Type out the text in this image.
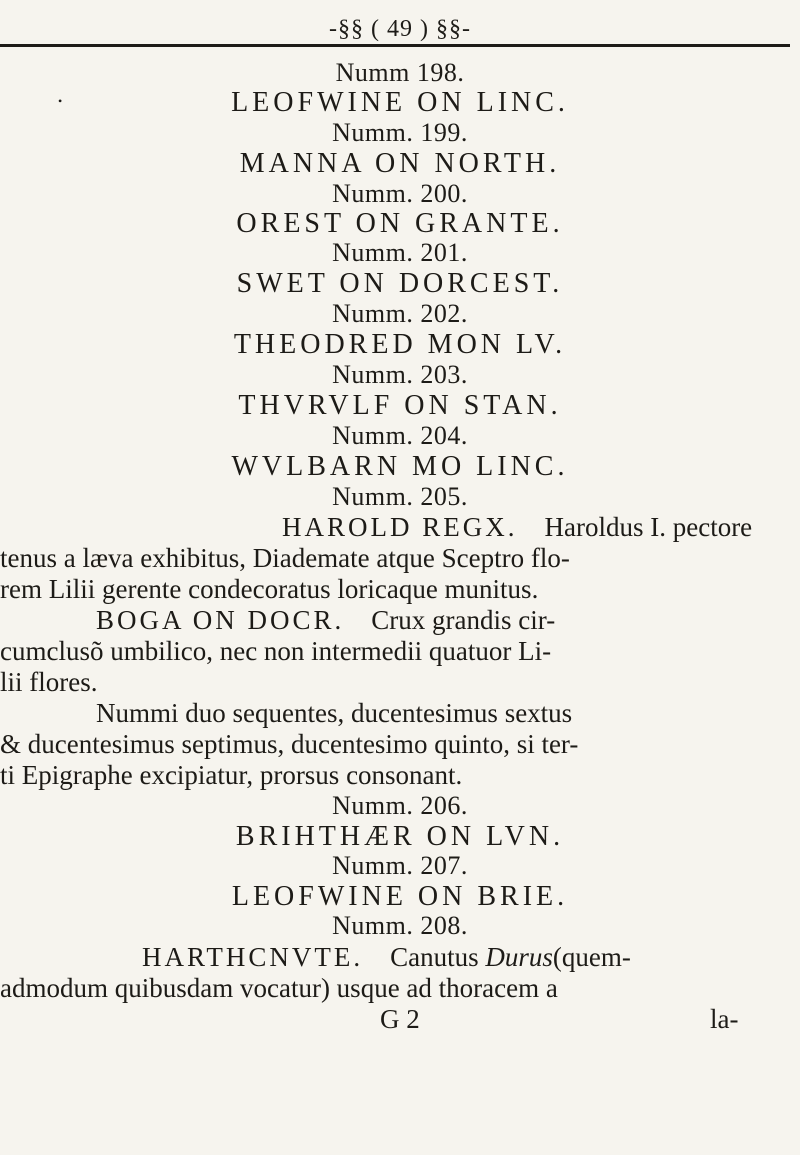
•
-§§ ( 49 ) §§-
Numm 198.
LEOFWINE ON LINC.
Numm. 199.
MANNA ON NORTH.
Numm. 200.
OREST ON GRANTE.
Numm. 201.
SWET ON DORCEST.
Numm. 202.
THEODRED MON LV.
Numm. 203.
THVRVLF ON STAN.
Numm. 204.
WVLBARN MO LINC.
Numm. 205.
HAROLD REGX. Haroldus I. pectore
tenus a læva exhibitus, Diademate atque Sceptro flo-
rem Lilii gerente condecoratus loricaque munitus.
BOGA ON DOCR. Crux grandis cir-
cumclusõ umbilico, nec non intermedii quatuor Li-
lii flores.
Nummi duo sequentes, ducentesimus sextus
& ducentesimus septimus, ducentesimo quinto, si ter-
ti Epigraphe excipiatur, prorsus consonant.
Numm. 206.
BRIHTHÆR ON LVN.
Numm. 207.
LEOFWINE ON BRIE.
Numm. 208.
HARTHCNVTE. Canutus Durus(quem-
admodum quibusdam vocatur) usque ad thoracem a
G 2	la-
